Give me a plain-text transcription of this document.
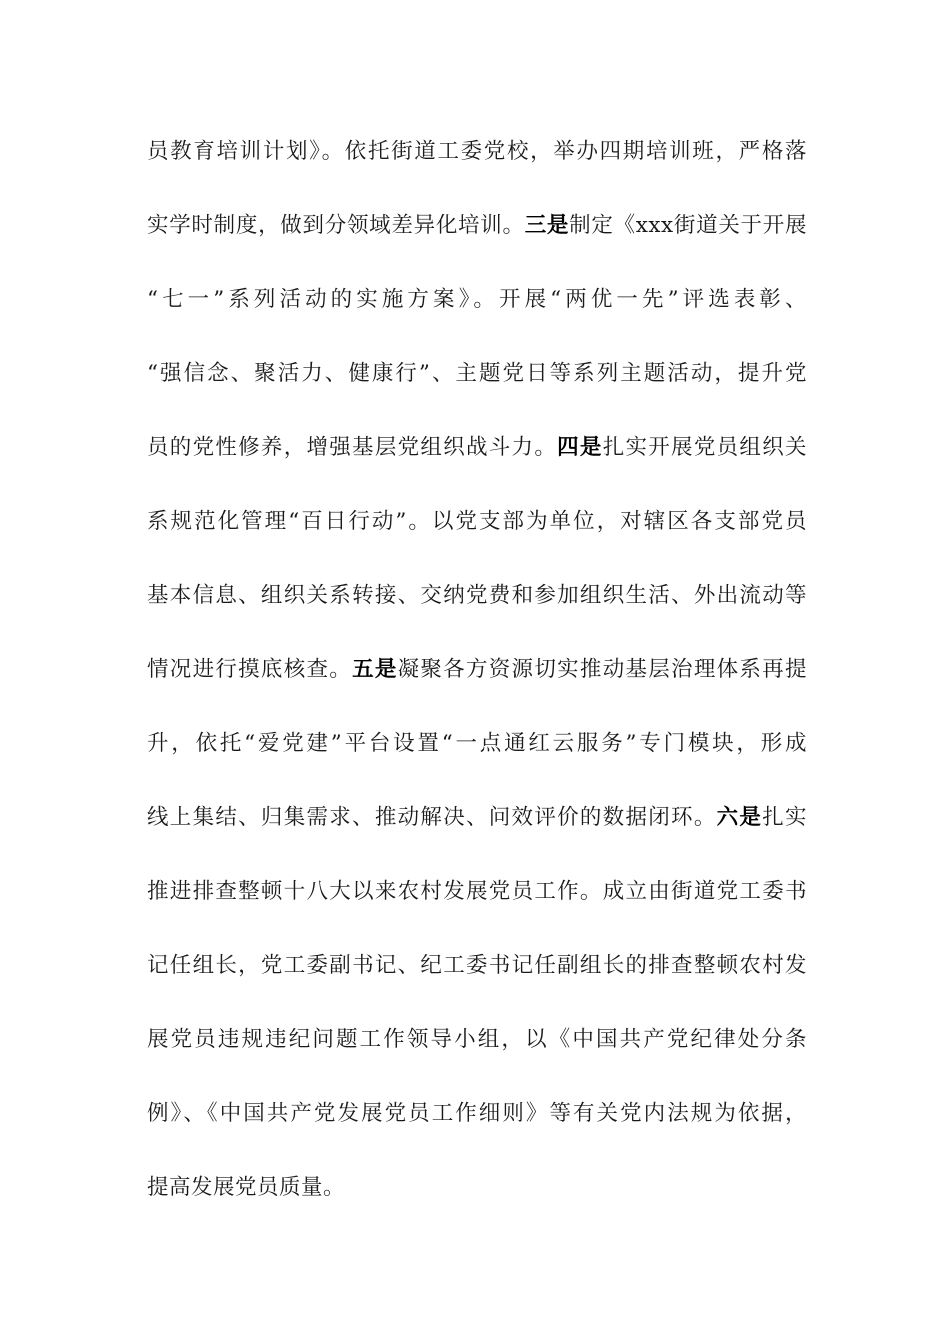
员教育培训计划》。依托街道工委党校，举办四期培训班，严格落
实学时制度，做到分领域差异化培训。三是制定《xxx街道关于开展
“七一”系列活动的实施方案》。开展“两优一先”评选表彰、
“强信念、聚活力、健康行”、主题党日等系列主题活动，提升党
员的党性修养，增强基层党组织战斗力。四是扎实开展党员组织关
系规范化管理“百日行动”。以党支部为单位，对辖区各支部党员
基本信息、组织关系转接、交纳党费和参加组织生活、外出流动等
情况进行摸底核查。五是凝聚各方资源切实推动基层治理体系再提
升，依托“爱党建”平台设置“一点通红云服务”专门模块，形成
线上集结、归集需求、推动解决、问效评价的数据闭环。六是扎实
推进排查整顿十八大以来农村发展党员工作。成立由街道党工委书
记任组长，党工委副书记、纪工委书记任副组长的排查整顿农村发
展党员违规违纪问题工作领导小组，以《中国共产党纪律处分条
例》、《中国共产党发展党员工作细则》等有关党内法规为依据，
提高发展党员质量。
